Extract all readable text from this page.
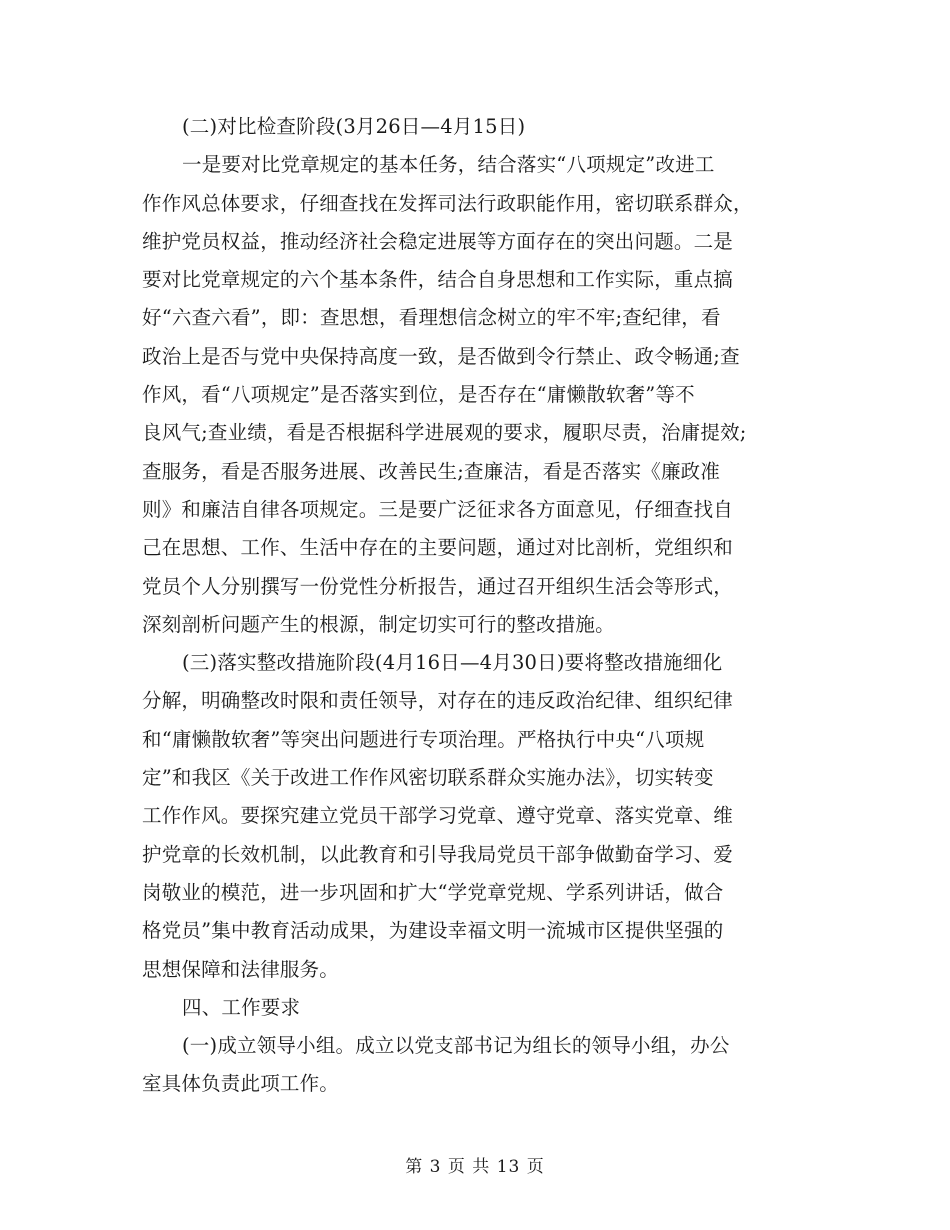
(二)对比检查阶段(3月26日—4月15日)
一是要对比党章规定的基本任务，结合落实“八项规定”改进工
作作风总体要求，仔细查找在发挥司法行政职能作用，密切联系群众，
维护党员权益，推动经济社会稳定进展等方面存在的突出问题。二是
要对比党章规定的六个基本条件，结合自身思想和工作实际，重点搞
好“六查六看”，即：查思想，看理想信念树立的牢不牢;查纪律，看
政治上是否与党中央保持高度一致，是否做到令行禁止、政令畅通;查
作风，看“八项规定”是否落实到位，是否存在“庸懒散软奢”等不
良风气;查业绩，看是否根据科学进展观的要求，履职尽责，治庸提效;
查服务，看是否服务进展、改善民生;查廉洁，看是否落实《廉政准
则》和廉洁自律各项规定。三是要广泛征求各方面意见，仔细查找自
己在思想、工作、生活中存在的主要问题，通过对比剖析，党组织和
党员个人分别撰写一份党性分析报告，通过召开组织生活会等形式，
深刻剖析问题产生的根源，制定切实可行的整改措施。
(三)落实整改措施阶段(4月16日—4月30日)要将整改措施细化
分解，明确整改时限和责任领导，对存在的违反政治纪律、组织纪律
和“庸懒散软奢”等突出问题进行专项治理。严格执行中央“八项规
定”和我区《关于改进工作作风密切联系群众实施办法》，切实转变
工作作风。要探究建立党员干部学习党章、遵守党章、落实党章、维
护党章的长效机制，以此教育和引导我局党员干部争做勤奋学习、爱
岗敬业的模范，进一步巩固和扩大“学党章党规、学系列讲话，做合
格党员”集中教育活动成果，为建设幸福文明一流城市区提供坚强的
思想保障和法律服务。
四、工作要求
(一)成立领导小组。成立以党支部书记为组长的领导小组，办公
室具体负责此项工作。
第 3 页 共 13 页
